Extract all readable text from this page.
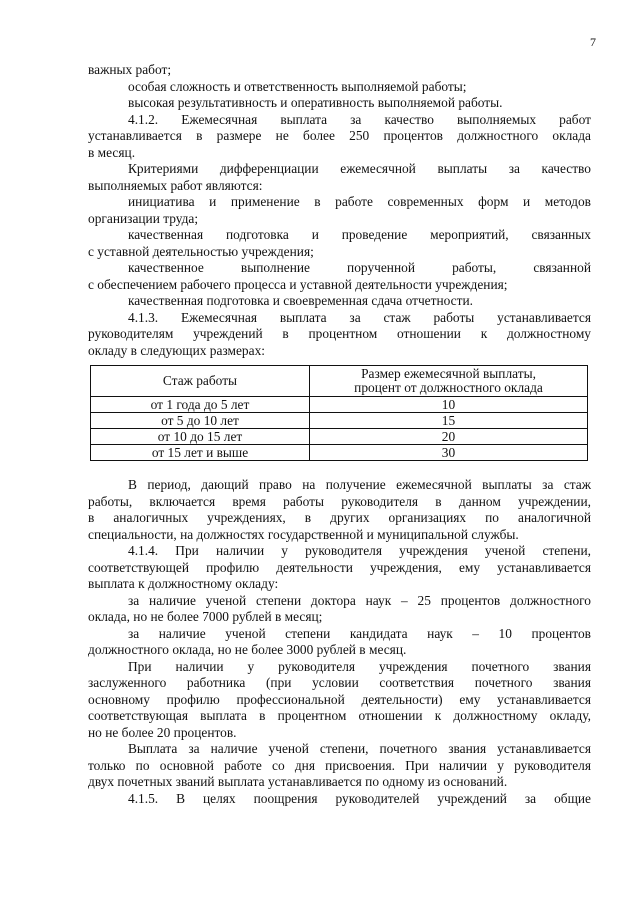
7
важных работ;
особая сложность и ответственность выполняемой работы;
высокая результативность и оперативность выполняемой работы.
4.1.2. Ежемесячная выплата за качество выполняемых работ
устанавливается в размере не более 250 процентов должностного оклада
в месяц.
Критериями дифференциации ежемесячной выплаты за качество
выполняемых работ являются:
инициатива и применение в работе современных форм и методов
организации труда;
качественная подготовка и проведение мероприятий, связанных
с уставной деятельностью учреждения;
качественное выполнение порученной работы, связанной
с обеспечением рабочего процесса и уставной деятельности учреждения;
качественная подготовка и своевременная сдача отчетности.
4.1.3. Ежемесячная выплата за стаж работы устанавливается
руководителям учреждений в процентном отношении к должностному
окладу в следующих размерах:
Стаж работы	Размер ежемесячной выплаты,
процент от должностного оклада

от 1 года до 5 лет	10
от 5 до 10 лет	15
от 10 до 15 лет	20
от 15 лет и выше	30
В период, дающий право на получение ежемесячной выплаты за стаж
работы, включается время работы руководителя в данном учреждении,
в аналогичных учреждениях, в других организациях по аналогичной
специальности, на должностях государственной и муниципальной службы.
4.1.4. При наличии у руководителя учреждения ученой степени,
соответствующей профилю деятельности учреждения, ему устанавливается
выплата к должностному окладу:
за наличие ученой степени доктора наук – 25 процентов должностного
оклада, но не более 7000 рублей в месяц;
за наличие ученой степени кандидата наук – 10 процентов
должностного оклада, но не более 3000 рублей в месяц.
При наличии у руководителя учреждения почетного звания
заслуженного работника (при условии соответствия почетного звания
основному профилю профессиональной деятельности) ему устанавливается
соответствующая выплата в процентном отношении к должностному окладу,
но не более 20 процентов.
Выплата за наличие ученой степени, почетного звания устанавливается
только по основной работе со дня присвоения. При наличии у руководителя
двух почетных званий выплата устанавливается по одному из оснований.
4.1.5. В целях поощрения руководителей учреждений за общие
